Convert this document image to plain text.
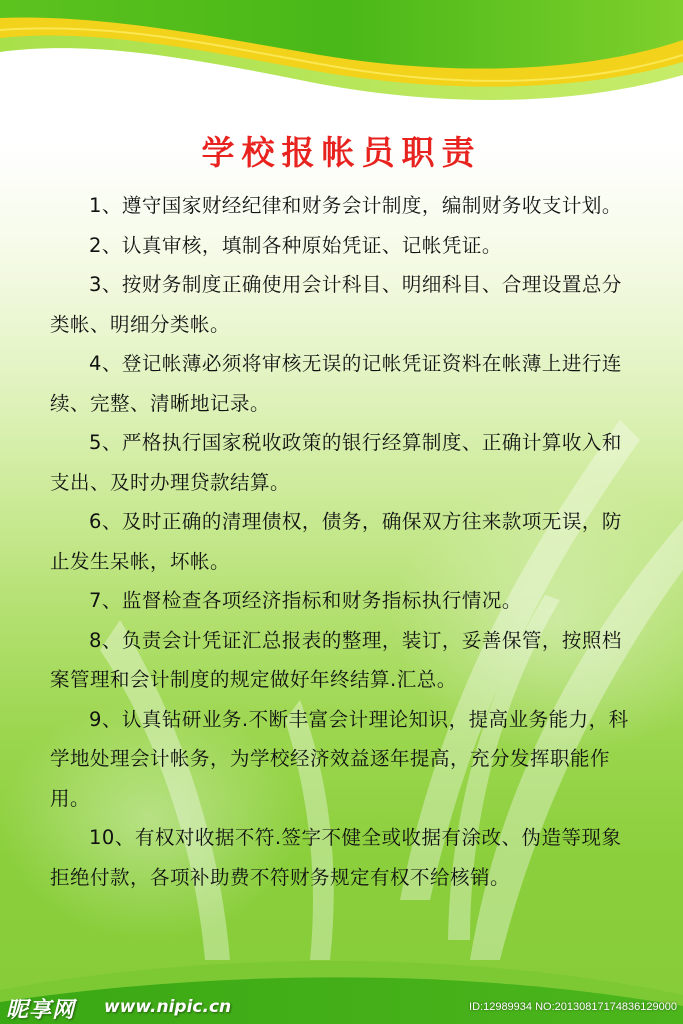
学校报帐员职责
1、遵守国家财经纪律和财务会计制度，编制财务收支计划。
2、认真审核，填制各种原始凭证、记帐凭证。
3、按财务制度正确使用会计科目、明细科目、合理设置总分类帐、明细分类帐。
4、登记帐薄必须将审核无误的记帐凭证资料在帐薄上进行连续、完整、清晰地记录。
5、严格执行国家税收政策的银行经算制度、正确计算收入和支出、及时办理贷款结算。
6、及时正确的清理债权，债务，确保双方往来款项无误，防止发生呆帐，坏帐。
7、监督检查各项经济指标和财务指标执行情况。
8、负责会计凭证汇总报表的整理，装订，妥善保管，按照档案管理和会计制度的规定做好年终结算.汇总。
9、认真钻研业务.不断丰富会计理论知识，提高业务能力，科学地处理会计帐务，为学校经济效益逐年提高，充分发挥职能作用。
10、有权对收据不符.签字不健全或收据有涂改、伪造等现象拒绝付款，各项补助费不符财务规定有权不给核销。
昵享网 www.nipic.cn	ID:12989934 NO:20130817174836129000
